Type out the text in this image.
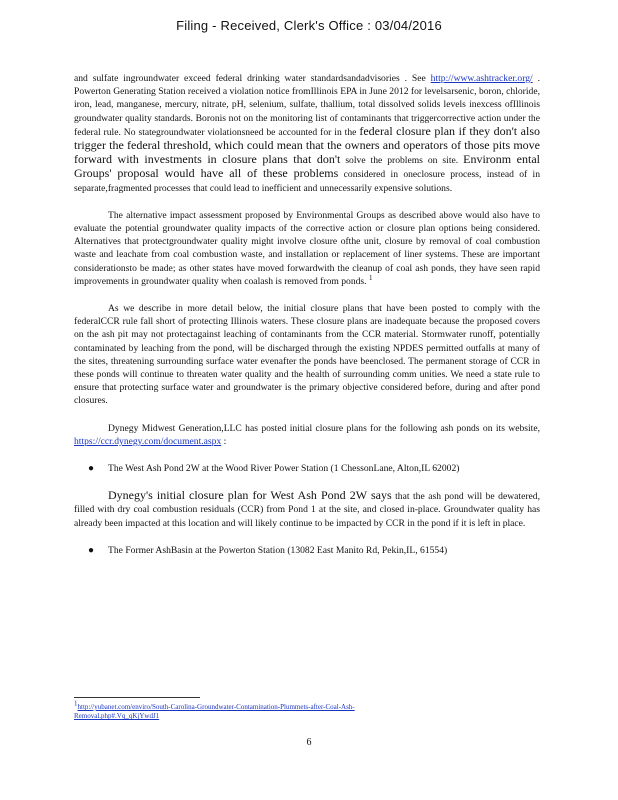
Filing - Received, Clerk's Office : 03/04/2016

and sulfate ingroundwater exceed federal drinking water standardsandadvisories . See http://www.ashtracker.org/ . Powerton Generating Station received a violation notice fromIllinois EPA in June 2012 for levelsarsenic, boron, chloride, iron, lead, manganese, mercury, nitrate, pH, selenium, sulfate, thallium, total dissolved solids levels inexcess ofIllinois groundwater quality standards. Boronis not on the monitoring list of contaminants that triggercorrective action under the federal rule. No stategroundwater violationsneed be accounted for in the federal closure plan if they don't also trigger the federal threshold, which could mean that the owners and operators of those pits move forward with investments in closure plans that don't solve the problems on site. Environm ental Groups' proposal would have all of these problems considered in oneclosure process, instead of in separate,fragmented processes that could lead to inefficient and unnecessarily expensive solutions.

The alternative impact assessment proposed by Environmental Groups as described above would also have to evaluate the potential groundwater quality impacts of the corrective action or closure plan options being considered. Alternatives that protectgroundwater quality might involve closure ofthe unit, closure by removal of coal combustion waste and leachate from coal combustion waste, and installation or replacement of liner systems. These are important considerationsto be made; as other states have moved forwardwith the cleanup of coal ash ponds, they have seen rapid improvements in groundwater quality when coalash is removed from ponds. $^1$

As we describe in more detail below, the initial closure plans that have been posted to comply with the federalCCR rule fall short of protecting Illinois waters. These closure plans are inadequate because the proposed covers on the ash pit may not protectagainst leaching of contaminants from the CCR material. Stormwater runoff, potentially contaminated by leaching from the pond, will be discharged through the existing NPDES permitted outfalls at many of the sites, threatening surrounding surface water evenafter the ponds have beenclosed. The permanent storage of CCR in these ponds will continue to threaten water quality and the health of surrounding comm unities. We need a state rule to ensure that protecting surface water and groundwater is the primary objective considered before, during and after pond closures.

Dynegy Midwest Generation,LLC has posted initial closure plans for the following ash ponds on its website, https://ccr.dynegy.com/document.aspx :

● The West Ash Pond 2W at the Wood River Power Station (1 ChessonLane, Alton,IL 62002)

Dynegy's initial closure plan for West Ash Pond 2W says that the ash pond will be dewatered, filled with dry coal combustion residuals (CCR) from Pond 1 at the site, and closed in-place. Groundwater quality has already been impacted at this location and will likely continue to be impacted by CCR in the pond if it is left in place.

● The Former AshBasin at the Powerton Station (13082 East Manito Rd, Pekin,IL, 61554)
$^1$http://yubanet.com/enviro/South-Carolina-Groundwater-Contamination-Plummets-after-Coal-Ash-Removal.php#.Vq_qKjYwdJ1
6
